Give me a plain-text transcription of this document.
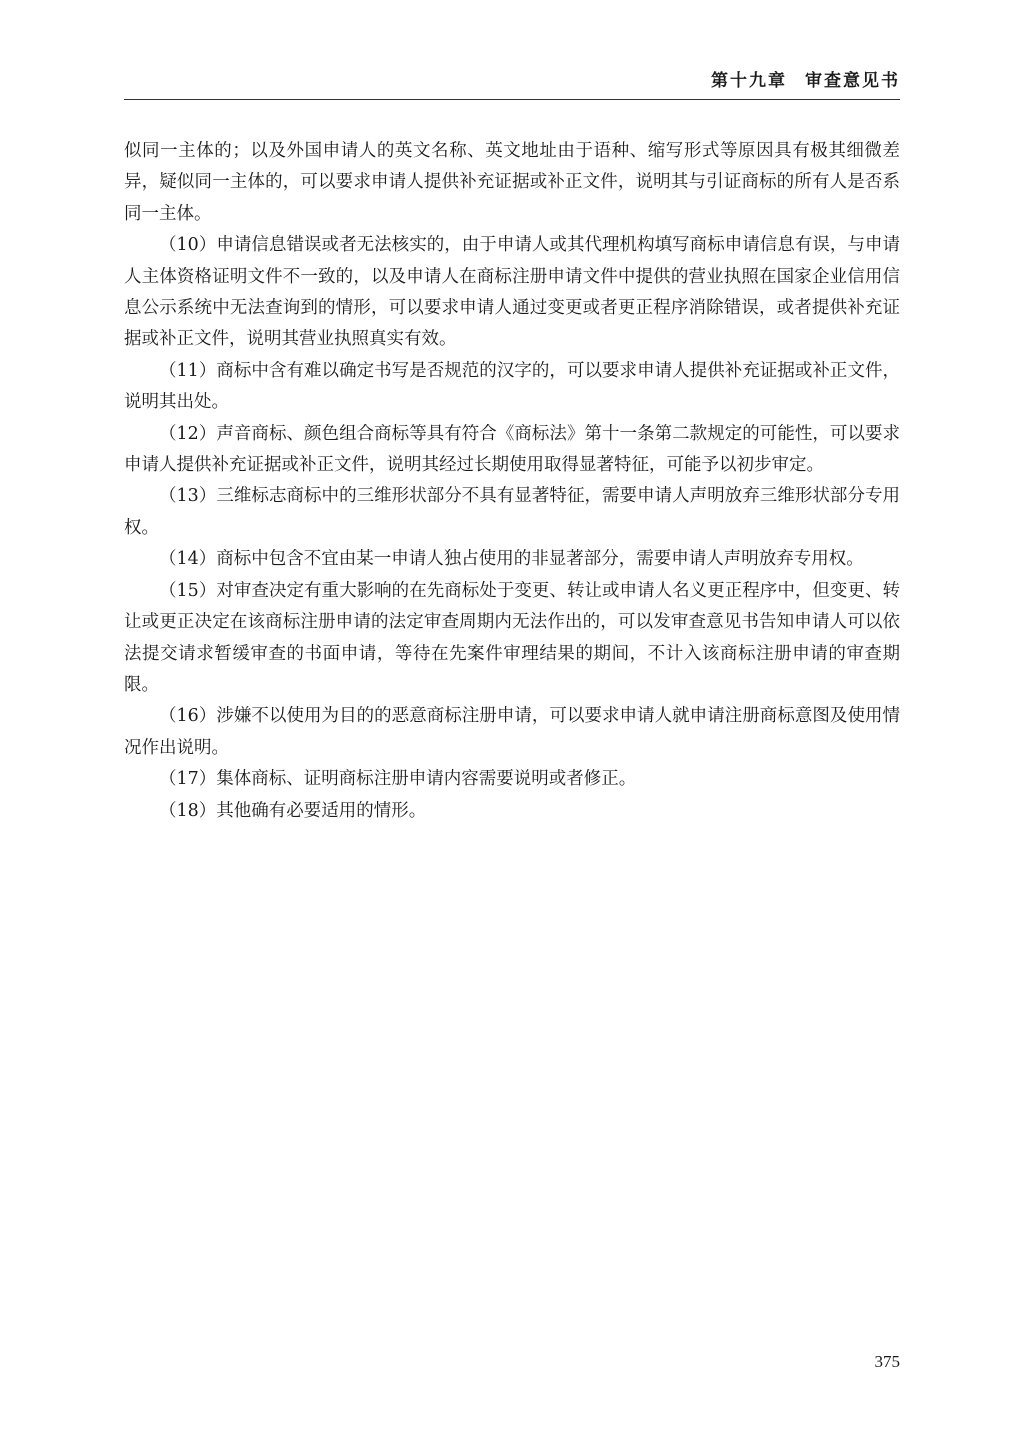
第十九章 审查意见书

似同一主体的；以及外国申请人的英文名称、英文地址由于语种、缩写形式等原因具有极其细微差异，疑似同一主体的，可以要求申请人提供补充证据或补正文件，说明其与引证商标的所有人是否系同一主体。

（10）申请信息错误或者无法核实的，由于申请人或其代理机构填写商标申请信息有误，与申请人主体资格证明文件不一致的，以及申请人在商标注册申请文件中提供的营业执照在国家企业信用信息公示系统中无法查询到的情形，可以要求申请人通过变更或者更正程序消除错误，或者提供补充证据或补正文件，说明其营业执照真实有效。

（11）商标中含有难以确定书写是否规范的汉字的，可以要求申请人提供补充证据或补正文件，说明其出处。

（12）声音商标、颜色组合商标等具有符合《商标法》第十一条第二款规定的可能性，可以要求申请人提供补充证据或补正文件，说明其经过长期使用取得显著特征，可能予以初步审定。

（13）三维标志商标中的三维形状部分不具有显著特征，需要申请人声明放弃三维形状部分专用权。

（14）商标中包含不宜由某一申请人独占使用的非显著部分，需要申请人声明放弃专用权。

（15）对审查决定有重大影响的在先商标处于变更、转让或申请人名义更正程序中，但变更、转让或更正决定在该商标注册申请的法定审查周期内无法作出的，可以发审查意见书告知申请人可以依法提交请求暂缓审查的书面申请，等待在先案件审理结果的期间，不计入该商标注册申请的审查期限。

（16）涉嫌不以使用为目的的恶意商标注册申请，可以要求申请人就申请注册商标意图及使用情况作出说明。

（17）集体商标、证明商标注册申请内容需要说明或者修正。

（18）其他确有必要适用的情形。

375
